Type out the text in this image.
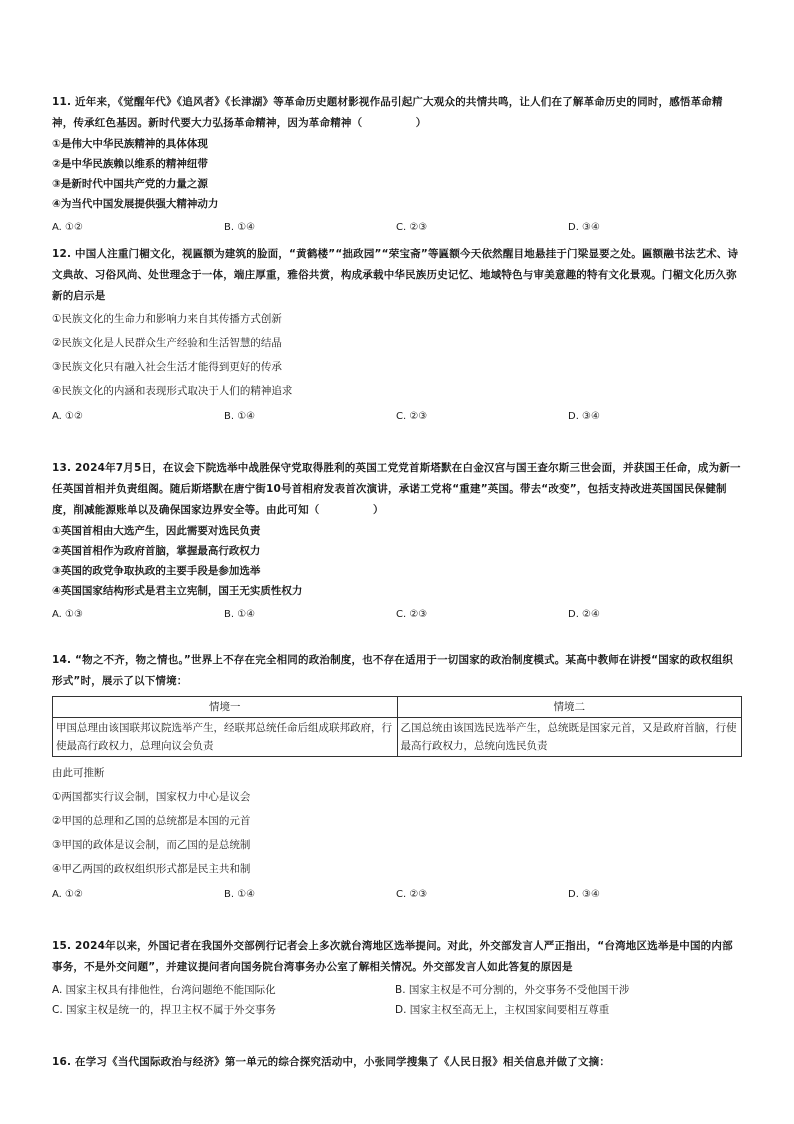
11. 近年来，《觉醒年代》《追风者》《长津湖》等革命历史题材影视作品引起广大观众的共情共鸣，让人们在了解革命历史的同时，感悟革命精神，传承红色基因。新时代要大力弘扬革命精神，因为革命精神（　　　　　）

①是伟大中华民族精神的具体体现

②是中华民族赖以维系的精神纽带

③是新时代中国共产党的力量之源

④为当代中国发展提供强大精神动力

A. ①②	B. ①④	C. ②③	D. ③④

12. 中国人注重门楣文化，视匾额为建筑的脸面，“黄鹤楼”“拙政园”“荣宝斋”等匾额今天依然醒目地悬挂于门梁显要之处。匾额融书法艺术、诗文典故、习俗风尚、处世理念于一体，端庄厚重，雅俗共赏，构成承载中华民族历史记忆、地域特色与审美意趣的特有文化景观。门楣文化历久弥新的启示是

①民族文化的生命力和影响力来自其传播方式创新

②民族文化是人民群众生产经验和生活智慧的结晶

③民族文化只有融入社会生活才能得到更好的传承

④民族文化的内涵和表现形式取决于人们的精神追求

A. ①②	B. ①④	C. ②③	D. ③④

13. 2024年7月5日，在议会下院选举中战胜保守党取得胜利的英国工党党首斯塔默在白金汉宫与国王查尔斯三世会面，并获国王任命，成为新一任英国首相并负责组阁。随后斯塔默在唐宁街10号首相府发表首次演讲，承诺工党将“重建”英国。带去“改变”，包括支持改进英国国民保健制度，削减能源账单以及确保国家边界安全等。由此可知（　　　　　）

①英国首相由大选产生，因此需要对选民负责

②英国首相作为政府首脑，掌握最高行政权力

③英国的政党争取执政的主要手段是参加选举

④英国国家结构形式是君主立宪制，国王无实质性权力

A. ①③	B. ①④	C. ②③	D. ②④

14. “物之不齐，物之情也。”世界上不存在完全相同的政治制度，也不存在适用于一切国家的政治制度模式。某高中教师在讲授“国家的政权组织形式”时，展示了以下情境：

情境一	情境二
甲国总理由该国联邦议院选举产生，经联邦总统任命后组成联邦政府，行使最高行政权力，总理向议会负责	乙国总统由该国选民选举产生，总统既是国家元首，又是政府首脑，行使最高行政权力，总统向选民负责

由此可推断

①两国都实行议会制，国家权力中心是议会

②甲国的总理和乙国的总统都是本国的元首

③甲国的政体是议会制，而乙国的是总统制

④甲乙两国的政权组织形式都是民主共和制

A. ①②	B. ①④	C. ②③	D. ③④

15. 2024年以来，外国记者在我国外交部例行记者会上多次就台湾地区选举提问。对此，外交部发言人严正指出，“台湾地区选举是中国的内部事务，不是外交问题”，并建议提问者向国务院台湾事务办公室了解相关情况。外交部发言人如此答复的原因是

A. 国家主权具有排他性，台湾问题绝不能国际化	B. 国家主权是不可分割的，外交事务不受他国干涉
C. 国家主权是统一的，捍卫主权不属于外交事务	D. 国家主权至高无上，主权国家间要相互尊重

16. 在学习《当代国际政治与经济》第一单元的综合探究活动中，小张同学搜集了《人民日报》相关信息并做了文摘：
